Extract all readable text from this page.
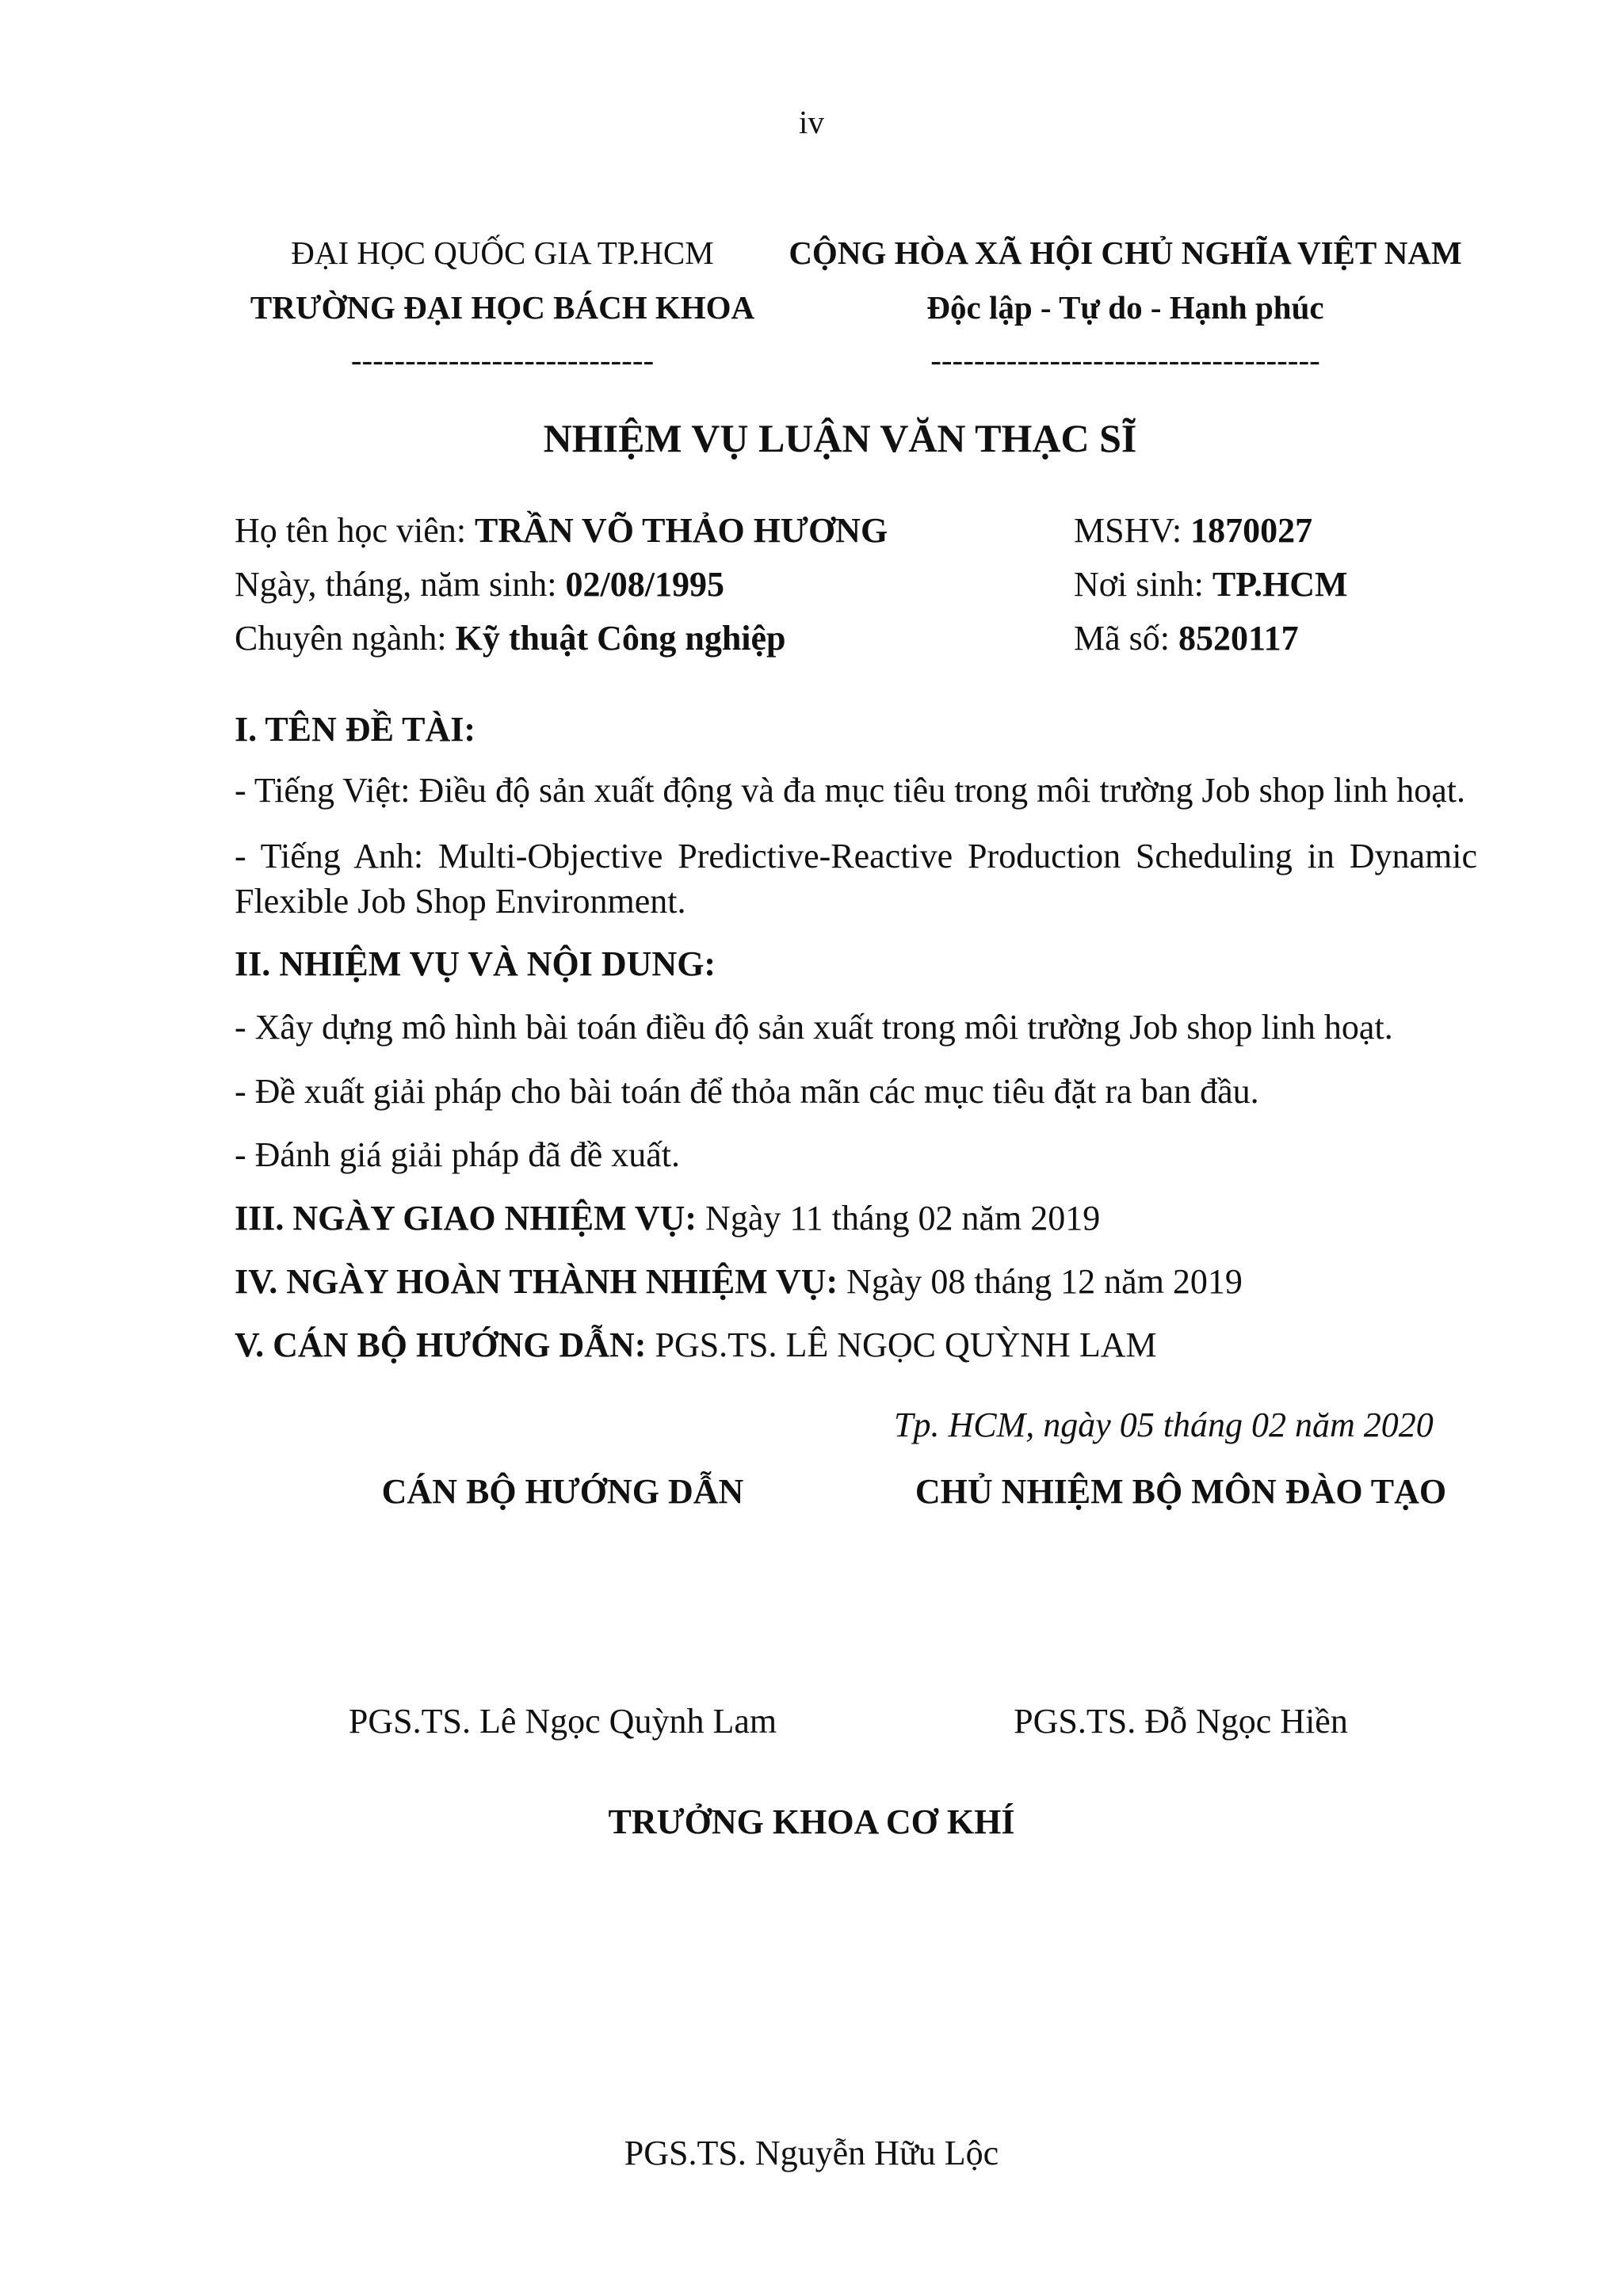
iv
ĐẠI HỌC QUỐC GIA TP.HCM
TRƯỜNG ĐẠI HỌC BÁCH KHOA
----------------------------
CỘNG HÒA XÃ HỘI CHỦ NGHĨA VIỆT NAM
Độc lập - Tự do - Hạnh phúc
------------------------------------
NHIỆM VỤ LUẬN VĂN THẠC SĨ
Họ tên học viên: TRẦN VÕ THẢO HƯƠNG	MSHV: 1870027
Ngày, tháng, năm sinh: 02/08/1995	Nơi sinh: TP.HCM
Chuyên ngành: Kỹ thuật Công nghiệp	Mã số: 8520117
I. TÊN ĐỀ TÀI:
- Tiếng Việt: Điều độ sản xuất động và đa mục tiêu trong môi trường Job shop linh hoạt.
- Tiếng Anh: Multi-Objective Predictive-Reactive Production Scheduling in Dynamic
Flexible Job Shop Environment.
II. NHIỆM VỤ VÀ NỘI DUNG:
- Xây dựng mô hình bài toán điều độ sản xuất trong môi trường Job shop linh hoạt.
- Đề xuất giải pháp cho bài toán để thỏa mãn các mục tiêu đặt ra ban đầu.
- Đánh giá giải pháp đã đề xuất.
III. NGÀY GIAO NHIỆM VỤ: Ngày 11 tháng 02 năm 2019
IV. NGÀY HOÀN THÀNH NHIỆM VỤ: Ngày 08 tháng 12 năm 2019
V. CÁN BỘ HƯỚNG DẪN: PGS.TS. LÊ NGỌC QUỲNH LAM
Tp. HCM, ngày 05 tháng 02 năm 2020
CÁN BỘ HƯỚNG DẪN	CHỦ NHIỆM BỘ MÔN ĐÀO TẠO
PGS.TS. Lê Ngọc Quỳnh Lam	PGS.TS. Đỗ Ngọc Hiền
TRƯỞNG KHOA CƠ KHÍ
PGS.TS. Nguyễn Hữu Lộc
